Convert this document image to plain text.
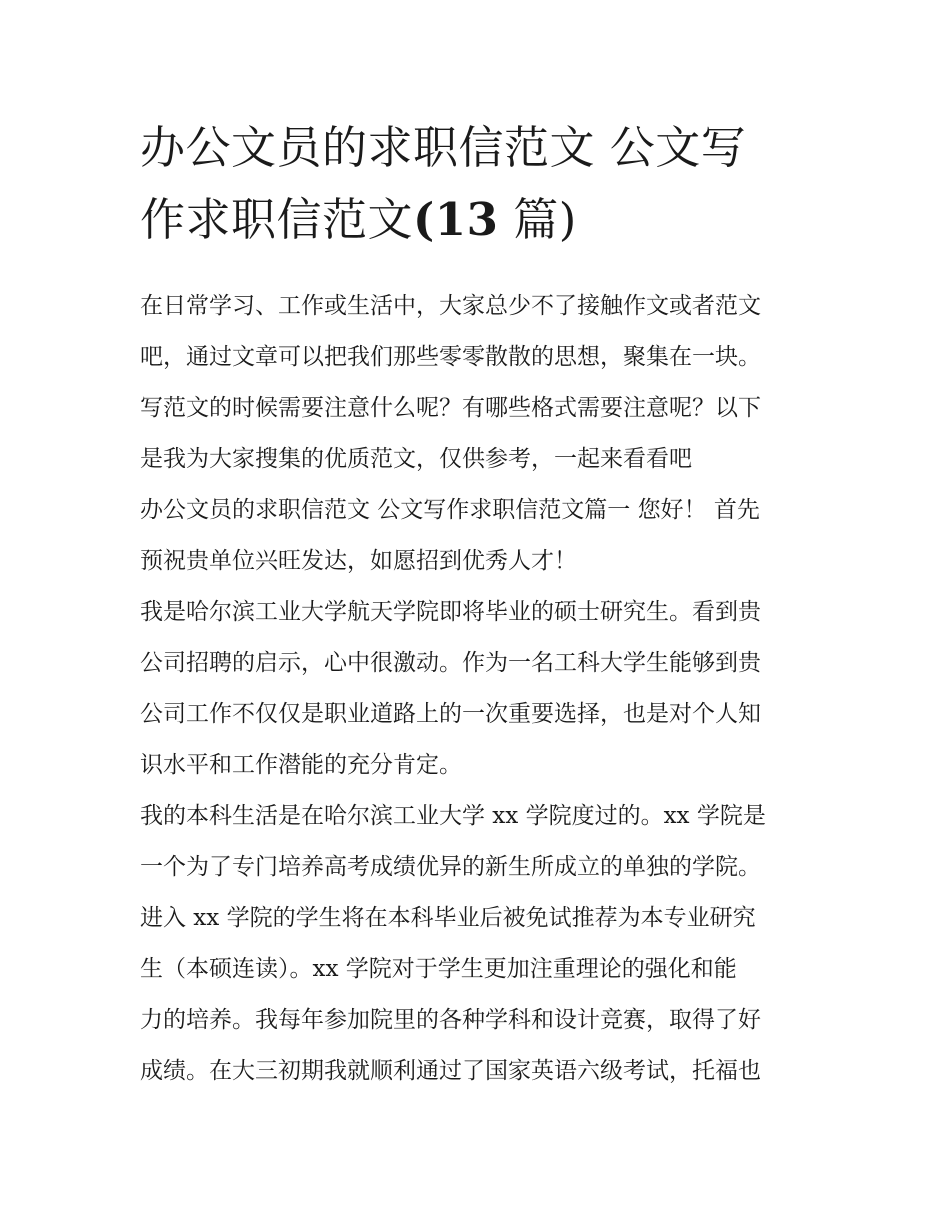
办公文员的求职信范文 公文写
作求职信范文(13 篇)
在日常学习、工作或生活中，大家总少不了接触作文或者范文
吧，通过文章可以把我们那些零零散散的思想，聚集在一块。
写范文的时候需要注意什么呢？有哪些格式需要注意呢？以下
是我为大家搜集的优质范文，仅供参考，一起来看看吧
办公文员的求职信范文 公文写作求职信范文篇一 您好！ 首先
预祝贵单位兴旺发达，如愿招到优秀人才！
我是哈尔滨工业大学航天学院即将毕业的硕士研究生。看到贵
公司招聘的启示，心中很激动。作为一名工科大学生能够到贵
公司工作不仅仅是职业道路上的一次重要选择，也是对个人知
识水平和工作潜能的充分肯定。
我的本科生活是在哈尔滨工业大学 xx 学院度过的。xx 学院是
一个为了专门培养高考成绩优异的新生所成立的单独的学院。
进入 xx 学院的学生将在本科毕业后被免试推荐为本专业研究
生（本硕连读）。xx 学院对于学生更加注重理论的强化和能
力的培养。我每年参加院里的各种学科和设计竞赛，取得了好
成绩。在大三初期我就顺利通过了国家英语六级考试，托福也
